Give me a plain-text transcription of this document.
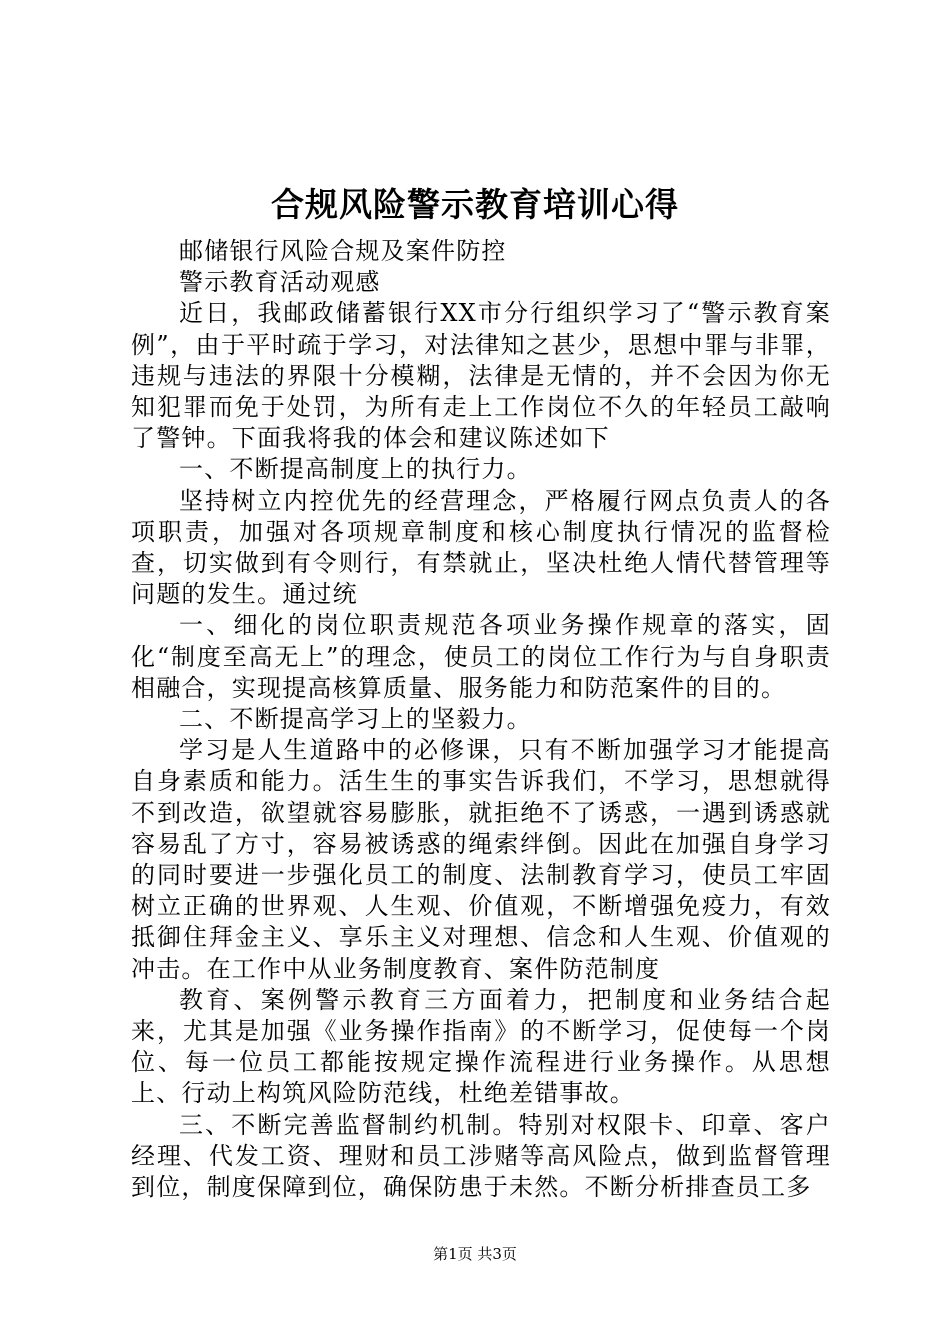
合规风险警示教育培训心得

邮储银行风险合规及案件防控

警示教育活动观感

近日，我邮政储蓄银行XX市分行组织学习了“警示教育案例”，由于平时疏于学习，对法律知之甚少，思想中罪与非罪，违规与违法的界限十分模糊，法律是无情的，并不会因为你无知犯罪而免于处罚，为所有走上工作岗位不久的年轻员工敲响了警钟。下面我将我的体会和建议陈述如下

一、不断提高制度上的执行力。

坚持树立内控优先的经营理念，严格履行网点负责人的各项职责，加强对各项规章制度和核心制度执行情况的监督检查，切实做到有令则行，有禁就止，坚决杜绝人情代替管理等问题的发生。通过统

一、细化的岗位职责规范各项业务操作规章的落实，固化“制度至高无上”的理念，使员工的岗位工作行为与自身职责相融合，实现提高核算质量、服务能力和防范案件的目的。

二、不断提高学习上的坚毅力。

学习是人生道路中的必修课，只有不断加强学习才能提高自身素质和能力。活生生的事实告诉我们，不学习，思想就得不到改造，欲望就容易膨胀，就拒绝不了诱惑，一遇到诱惑就容易乱了方寸，容易被诱惑的绳索绊倒。因此在加强自身学习的同时要进一步强化员工的制度、法制教育学习，使员工牢固树立正确的世界观、人生观、价值观，不断增强免疫力，有效抵御住拜金主义、享乐主义对理想、信念和人生观、价值观的冲击。在工作中从业务制度教育、案件防范制度

教育、案例警示教育三方面着力，把制度和业务结合起来，尤其是加强《业务操作指南》的不断学习，促使每一个岗位、每一位员工都能按规定操作流程进行业务操作。从思想上、行动上构筑风险防范线，杜绝差错事故。

三、不断完善监督制约机制。特别对权限卡、印章、客户经理、代发工资、理财和员工涉赌等高风险点，做到监督管理到位，制度保障到位，确保防患于未然。不断分析排查员工多

第1页 共3页
